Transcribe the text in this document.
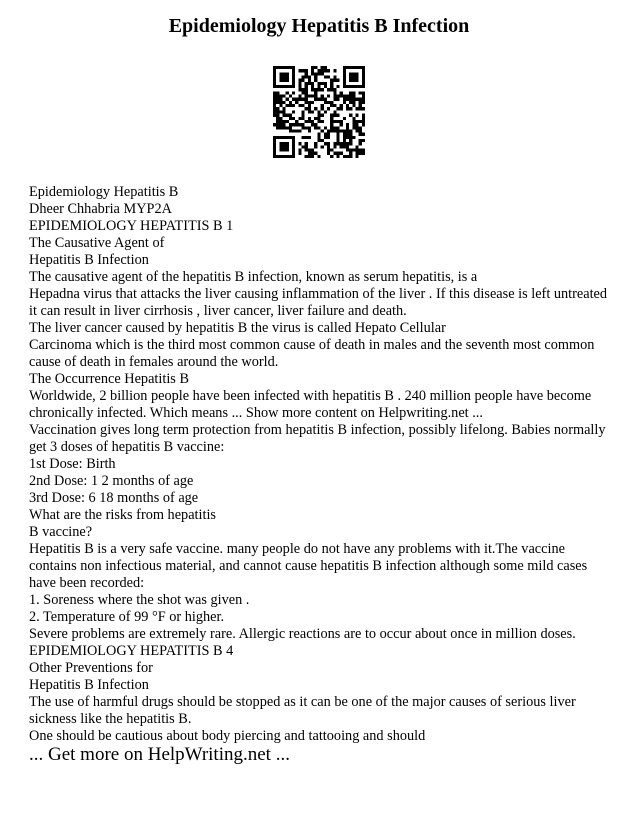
Epidemiology Hepatitis B Infection
Epidemiology Hepatitis B
Dheer Chhabria MYP2A
EPIDEMIOLOGY HEPATITIS B 1
The Causative Agent of
Hepatitis B Infection
The causative agent of the hepatitis B infection, known as serum hepatitis, is a
Hepadna virus that attacks the liver causing inflammation of the liver . If this disease is left untreated it can result in liver cirrhosis , liver cancer, liver failure and death.
The liver cancer caused by hepatitis B the virus is called Hepato Cellular
Carcinoma which is the third most common cause of death in males and the seventh most common cause of death in females around the world.
The Occurrence Hepatitis B
Worldwide, 2 billion people have been infected with hepatitis B . 240 million people have become chronically infected. Which means ... Show more content on Helpwriting.net ...
Vaccination gives long term protection from hepatitis B infection, possibly lifelong. Babies normally get 3 doses of hepatitis B vaccine:
1st Dose: Birth
2nd Dose: 1 2 months of age
3rd Dose: 6 18 months of age
What are the risks from hepatitis
B vaccine?
Hepatitis B is a very safe vaccine. many people do not have any problems with it.The vaccine contains non infectious material, and cannot cause hepatitis B infection although some mild cases have been recorded:
1. Soreness where the shot was given .
2. Temperature of 99 °F or higher.
Severe problems are extremely rare. Allergic reactions are to occur about once in million doses.
EPIDEMIOLOGY HEPATITIS B 4
Other Preventions for
Hepatitis B Infection
The use of harmful drugs should be stopped as it can be one of the major causes of serious liver sickness like the hepatitis B.
One should be cautious about body piercing and tattooing and should
... Get more on HelpWriting.net ...
